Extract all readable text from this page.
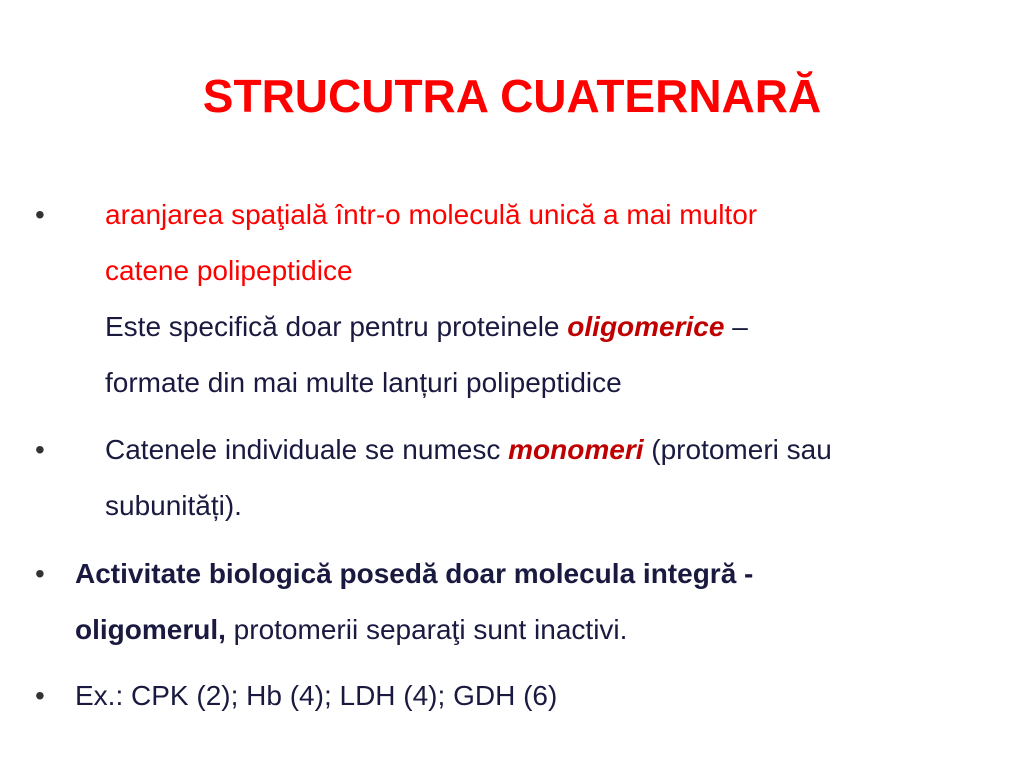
STRUCUTRA CUATERNARĂ
• aranjarea spaţială într-o moleculă unică a mai multor
catene polipeptidice
Este specifică doar pentru proteinele oligomerice –
formate din mai multe lanțuri polipeptidice
• Catenele individuale se numesc monomeri (protomeri sau
subunități).
• Activitate biologică posedă doar molecula integră -
oligomerul, protomerii separaţi sunt inactivi.
• Ex.: CPK (2); Hb (4); LDH (4); GDH (6)
